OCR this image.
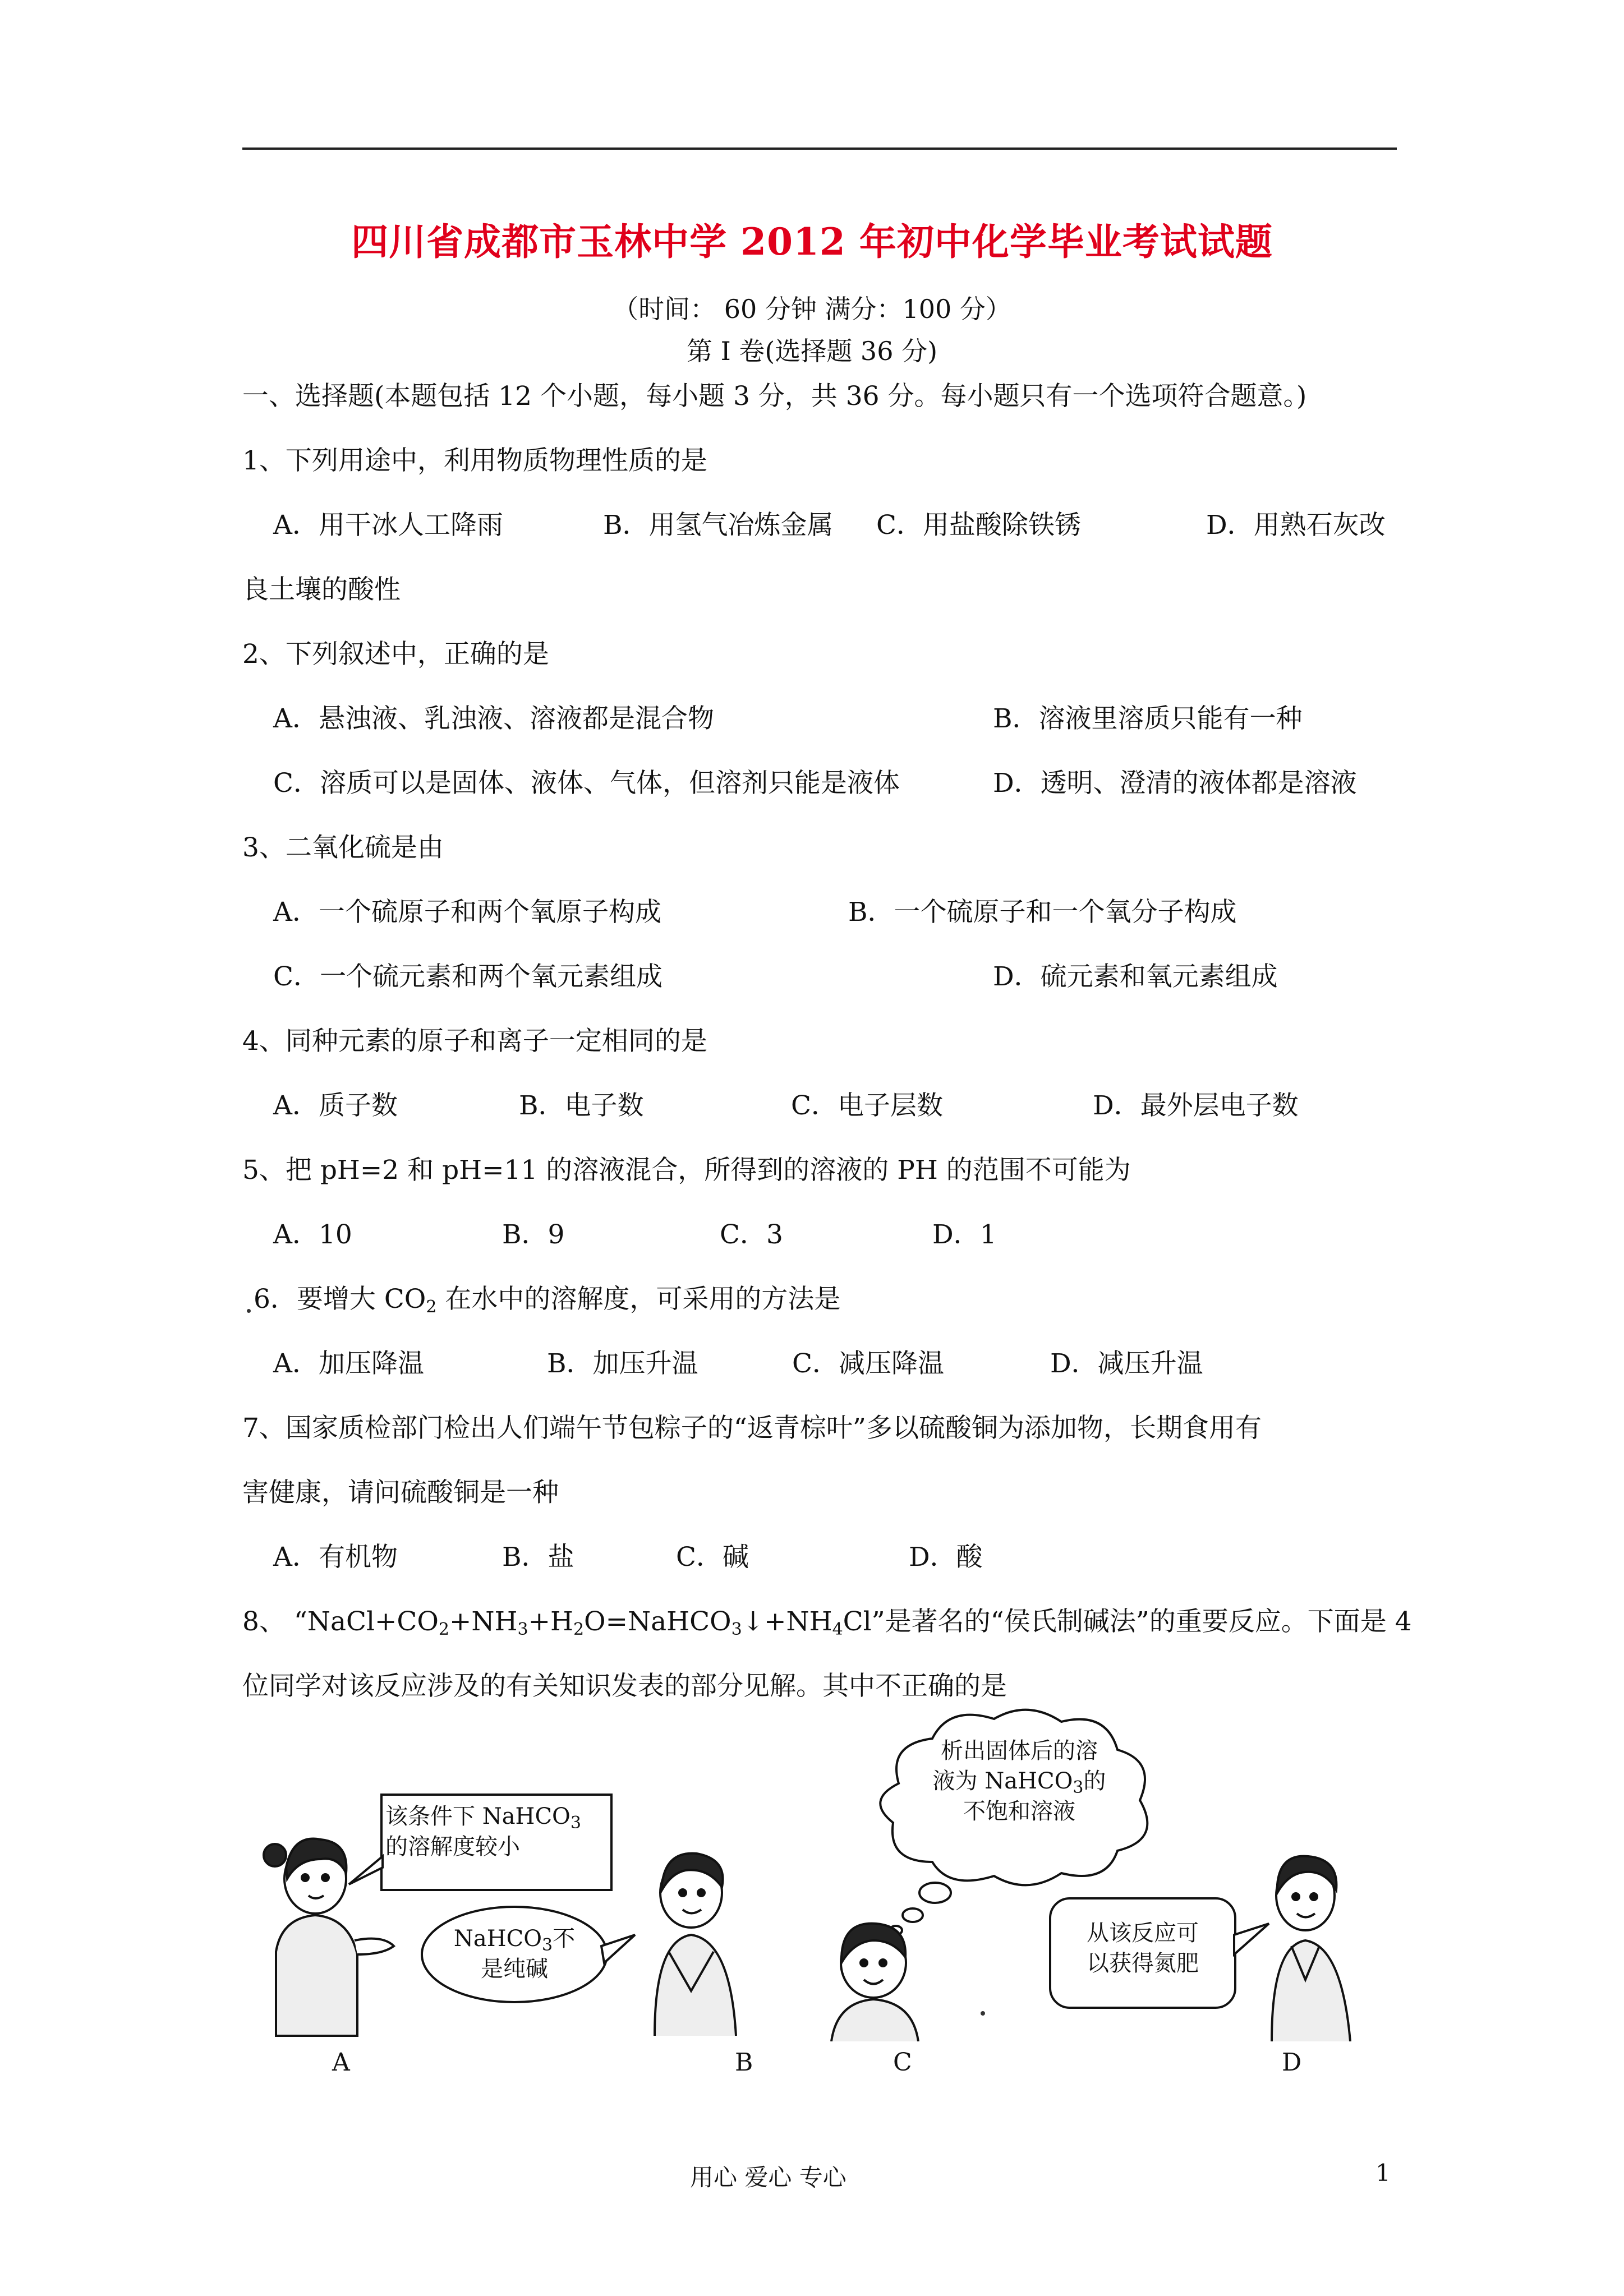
四川省成都市玉林中学 2012 年初中化学毕业考试试题
（时间： 60 分钟 满分：100 分）
第 I 卷(选择题 36 分)
一、选择题(本题包括 12 个小题，每小题 3 分，共 36 分。每小题只有一个选项符合题意。)
1、下列用途中，利用物质物理性质的是
A．用干冰人工降雨	B．用氢气冶炼金属 C．用盐酸除铁锈	D．用熟石灰改
良土壤的酸性
2、下列叙述中，正确的是
A．悬浊液、乳浊液、溶液都是混合物	B．溶液里溶质只能有一种
C．溶质可以是固体、液体、气体，但溶剂只能是液体	D．透明、澄清的液体都是溶液
3、二氧化硫是由
A．一个硫原子和两个氧原子构成	B．一个硫原子和一个氧分子构成
C．一个硫元素和两个氧元素组成	D．硫元素和氧元素组成
4、同种元素的原子和离子一定相同的是
A．质子数	B．电子数	C．电子层数	D．最外层电子数
5、把 pH=2 和 pH=11 的溶液混合，所得到的溶液的 PH 的范围不可能为
A．10	B．9	C．3	D．1
6．要增大 $CO_2$ 在水中的溶解度，可采用的方法是
A．加压降温	B．加压升温	C．减压降温	D．减压升温
7、国家质检部门检出人们端午节包粽子的“返青棕叶”多以硫酸铜为添加物，长期食用有
害健康，请问硫酸铜是一种
A．有机物	B．盐	C．碱	D．酸
8、 “$NaCl+CO_2+NH_3+H_2O=NaHCO_3↓+NH_4Cl$”是著名的“侯氏制碱法”的重要反应。下面是 4
位同学对该反应涉及的有关知识发表的部分见解。其中不正确的是
该条件下 NaHCO$_3$
的溶解度较小
NaHCO$_3$不
是纯碱
析出固体后的溶
液为 NaHCO$_3$的
不饱和溶液
从该反应可
以获得氮肥
A	B	C	D
用心 爱心 专心	1
